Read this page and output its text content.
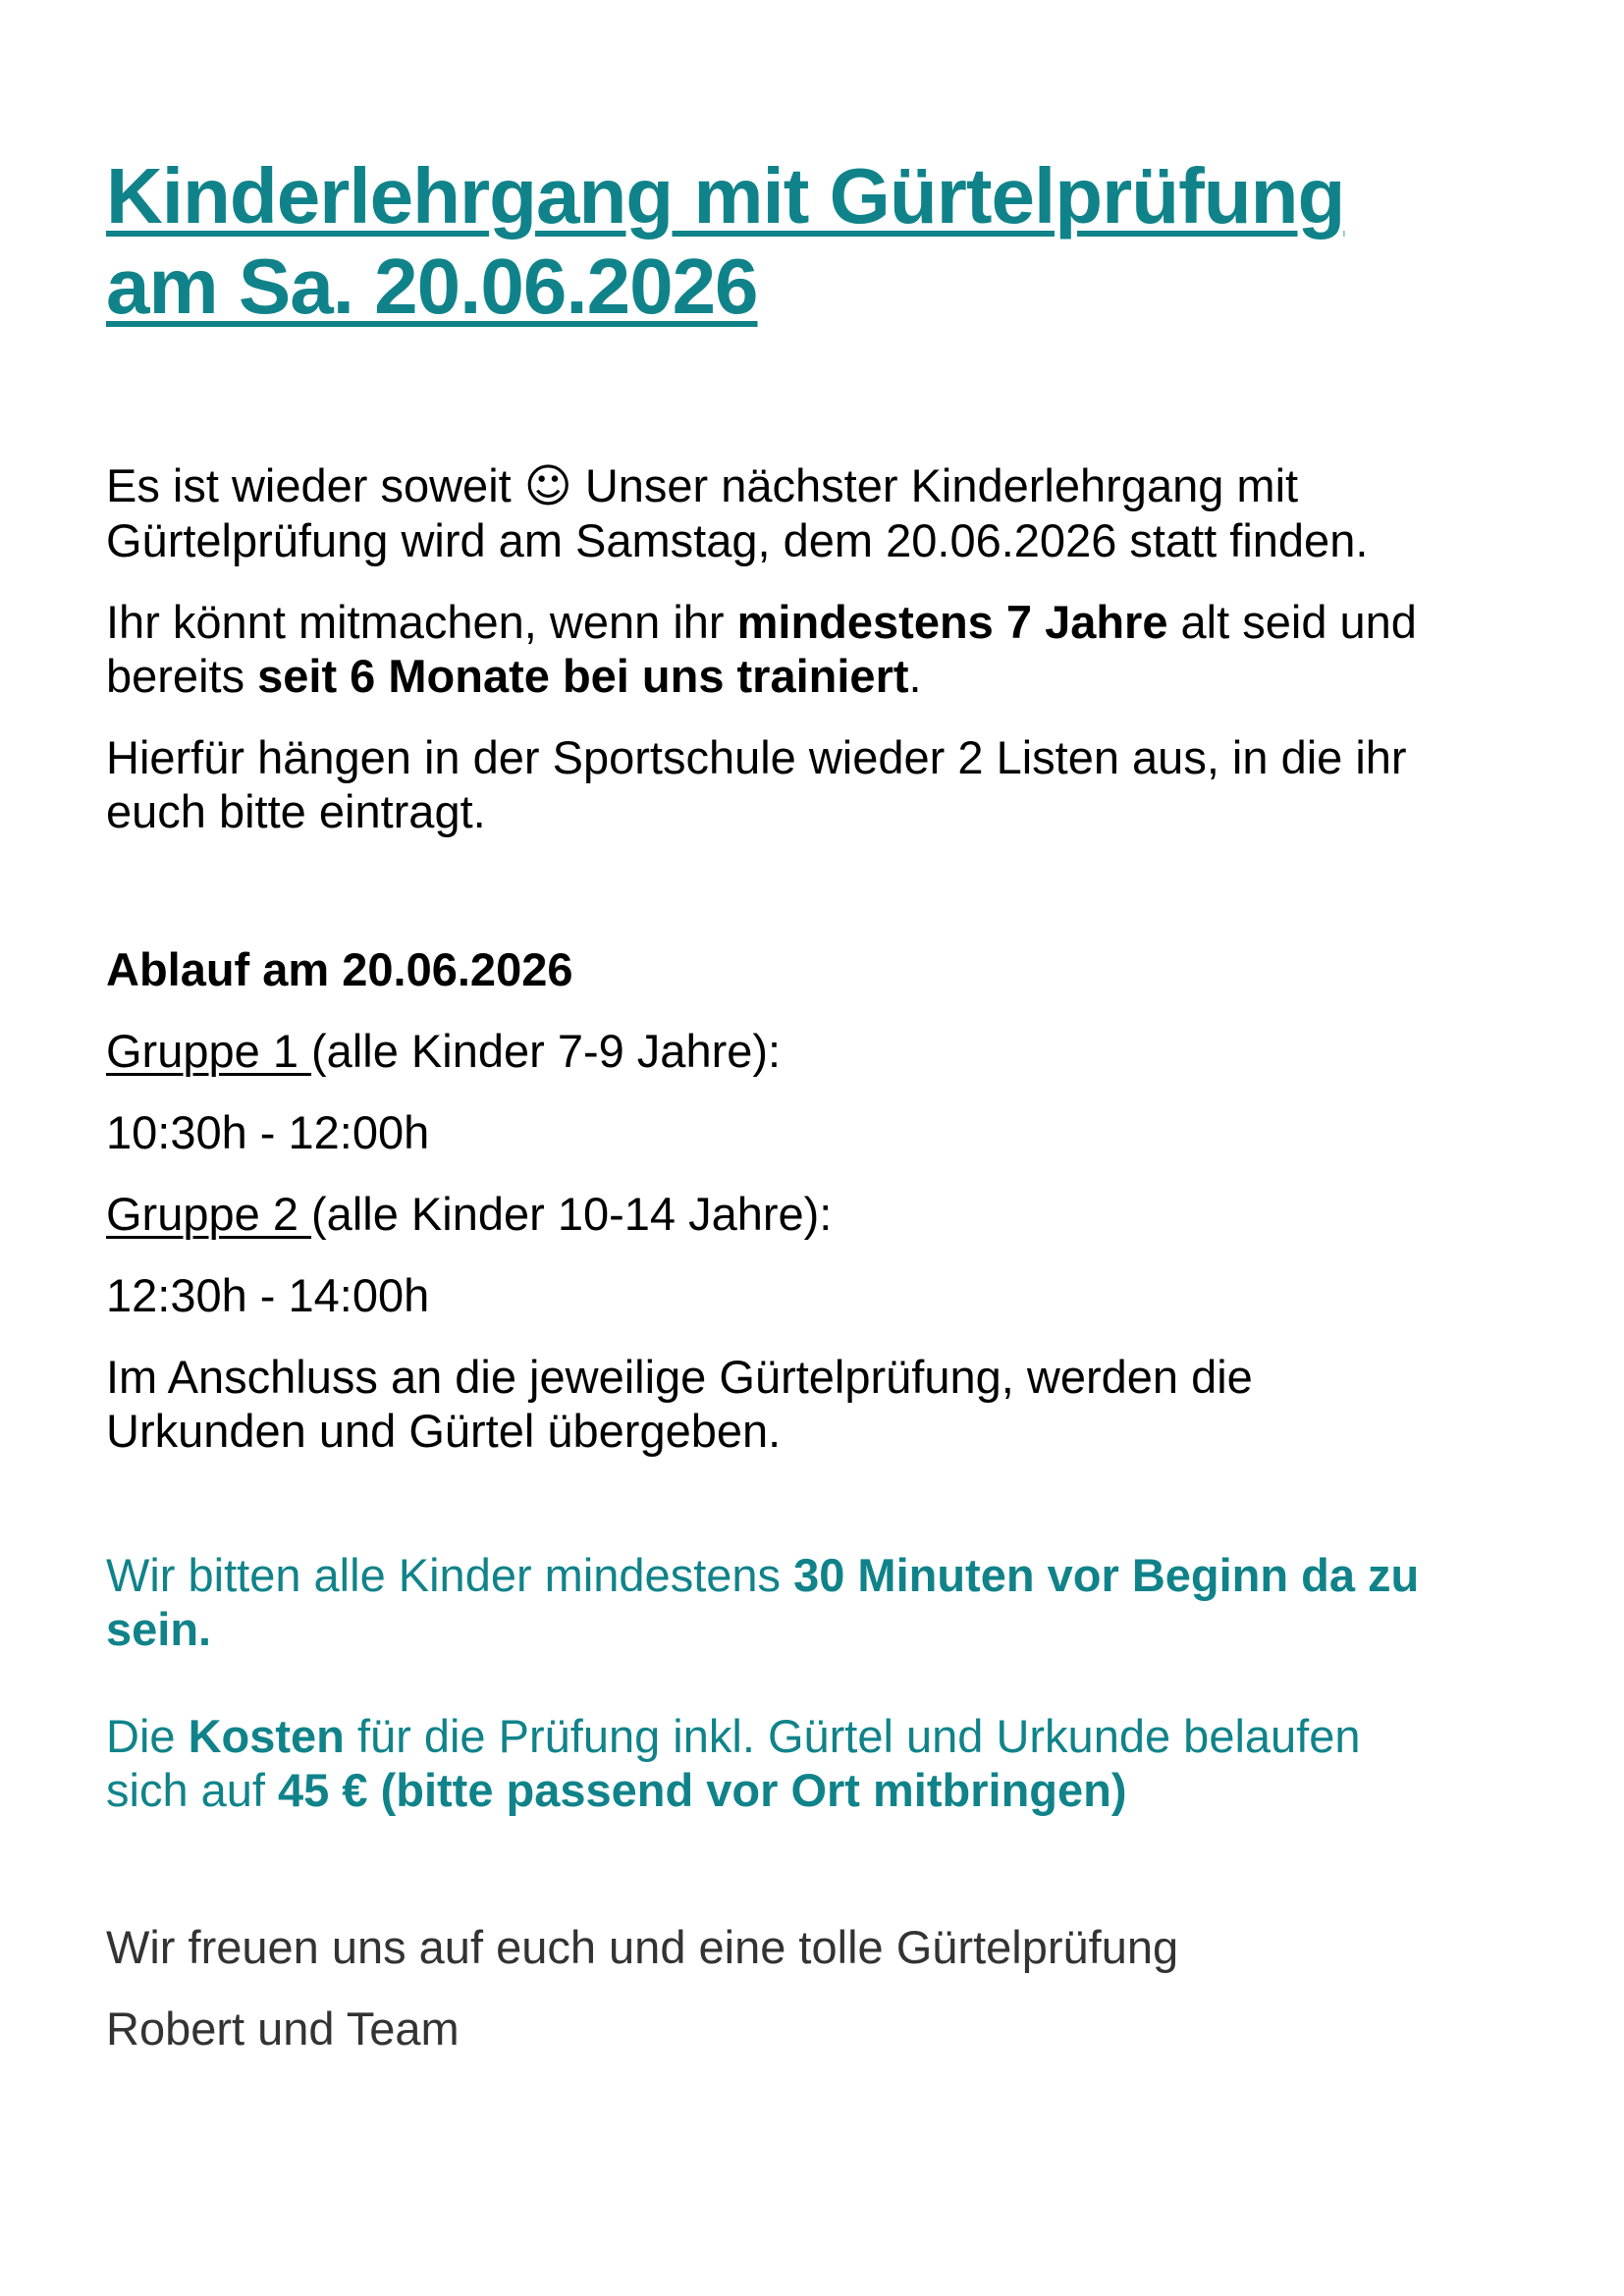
Kinderlehrgang mit Gürtelprüfung
am Sa. 20.06.2026

Es ist wieder soweit ☺ Unser nächster Kinderlehrgang mit Gürtelprüfung wird am Samstag, dem 20.06.2026 statt finden.

Ihr könnt mitmachen, wenn ihr mindestens 7 Jahre alt seid und bereits seit 6 Monate bei uns trainiert.

Hierfür hängen in der Sportschule wieder 2 Listen aus, in die ihr euch bitte eintragt.

Ablauf am 20.06.2026

Gruppe 1 (alle Kinder 7-9 Jahre):

10:30h - 12:00h

Gruppe 2 (alle Kinder 10-14 Jahre):

12:30h - 14:00h

Im Anschluss an die jeweilige Gürtelprüfung, werden die Urkunden und Gürtel übergeben.

Wir bitten alle Kinder mindestens 30 Minuten vor Beginn da zu sein.

Die Kosten für die Prüfung inkl. Gürtel und Urkunde belaufen sich auf 45 € (bitte passend vor Ort mitbringen)

Wir freuen uns auf euch und eine tolle Gürtelprüfung

Robert und Team
